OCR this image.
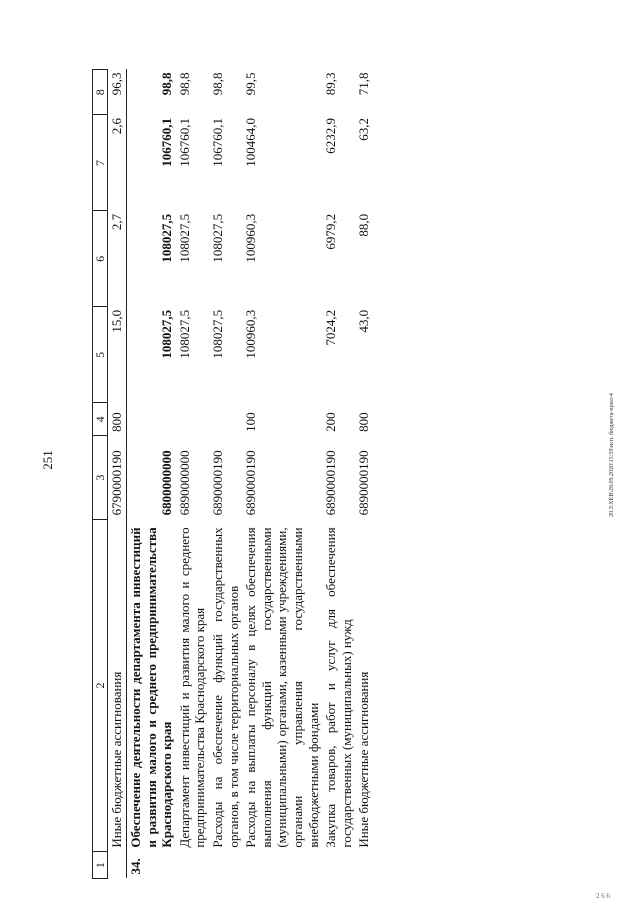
251	20.3\XEB\28.09.2020\15:59\исп. бюджета-прил-4
2 6 6
1	2	3	4	5	6	7	8
	Иные бюджетные ассигнования	6790000190	800	15,0	2,7	2,6	96,3
34.	Обеспечение деятельности департамента инвестиций и развития малого и среднего предпринимательства Краснодарского края	6800000000		108027,5	108027,5	106760,1	98,8
	Департамент инвестиций и развития малого и среднего предпринимательства Краснодарского края	6890000000		108027,5	108027,5	106760,1	98,8
	Расходы на обеспечение функций государственных органов, в том числе территориальных органов	6890000190		108027,5	108027,5	106760,1	98,8
	Расходы на выплаты персоналу в целях обеспечения выполнения функций государственными (муниципальными) органами, казенными учреждениями, органами управления государственными внебюджетными фондами	6890000190	100	100960,3	100960,3	100464,0	99,5
	Закупка товаров, работ и услуг для обеспечения государственных (муниципальных) нужд	6890000190	200	7024,2	6979,2	6232,9	89,3
	Иные бюджетные ассигнования	6890000190	800	43,0	88,0	63,2	71,8
